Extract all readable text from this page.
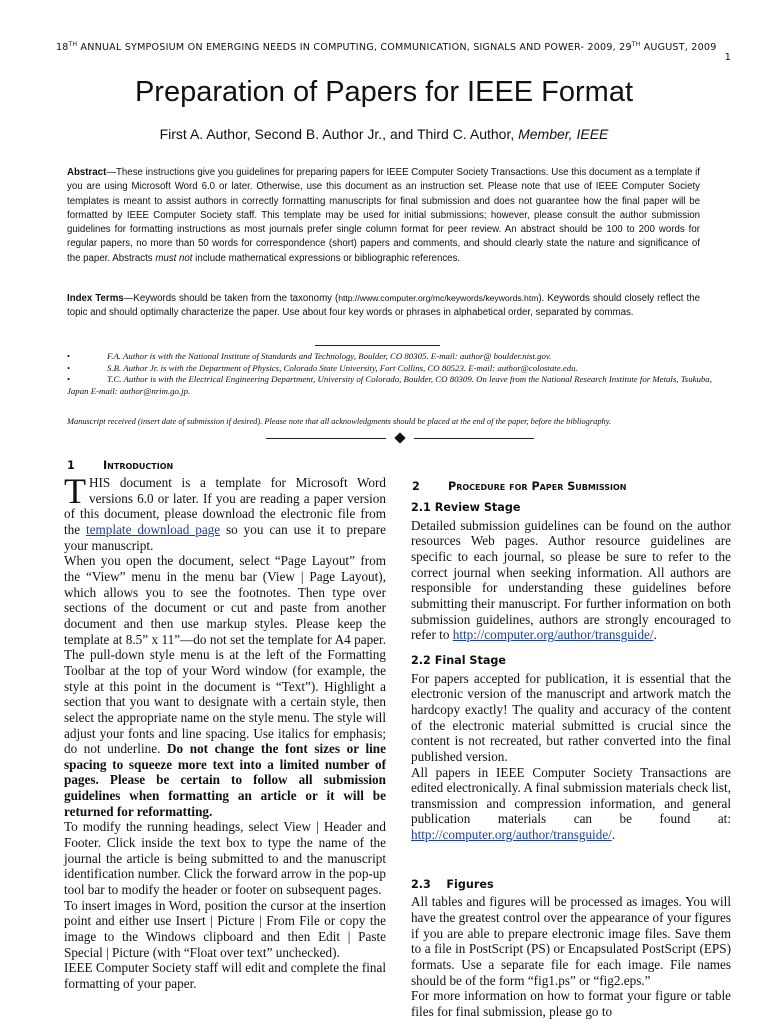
18TH ANNUAL SYMPOSIUM ON EMERGING NEEDS IN COMPUTING, COMMUNICATION, SIGNALS AND POWER- 2009, 29TH AUGUST, 2009
1
Preparation of Papers for IEEE Format
First A. Author, Second B. Author Jr., and Third C. Author, Member, IEEE
Abstract—These instructions give you guidelines for preparing papers for IEEE Computer Society Transactions. Use this document as a template if you are using Microsoft Word 6.0 or later. Otherwise, use this document as an instruction set. Please note that use of IEEE Computer Society templates is meant to assist authors in correctly formatting manuscripts for final submission and does not guarantee how the final paper will be formatted by IEEE Computer Society staff. This template may be used for initial submissions; however, please consult the author submission guidelines for formatting instructions as most journals prefer single column format for peer review. An abstract should be 100 to 200 words for regular papers, no more than 50 words for correspondence (short) papers and comments, and should clearly state the nature and significance of the paper. Abstracts must not include mathematical expressions or bibliographic references.
Index Terms—Keywords should be taken from the taxonomy (http://www.computer.org/mc/keywords/keywords.htm). Keywords should closely reflect the topic and should optimally characterize the paper. Use about four key words or phrases in alphabetical order, separated by commas.
•	F.A. Author is with the National Institute of Standards and Technology, Boulder, CO 80305. E-mail: author@ boulder.nist.gov.
•	S.B. Author Jr. is with the Department of Physics, Colorado State University, Fort Collins, CO 80523. E-mail: author@colostate.edu.
•	T.C. Author is with the Electrical Engineering Department, University of Colorado, Boulder, CO 80309. On leave from the National Research Institute for Metals, Tsukuba, Japan E-mail: author@nrim.go.jp.
Manuscript received (insert date of submission if desired). Please note that all acknowledgments should be placed at the end of the paper, before the bibliography.
1	Introduction

THIS document is a template for Microsoft Word versions 6.0 or later. If you are reading a paper version of this document, please download the electronic file from the template download page so you can use it to prepare your manuscript.

When you open the document, select “Page Layout” from the “View” menu in the menu bar (View | Page Layout), which allows you to see the footnotes. Then type over sections of the document or cut and paste from another document and then use markup styles. Please keep the template at 8.5” x 11”—do not set the template for A4 paper. The pull-down style menu is at the left of the Formatting Toolbar at the top of your Word window (for example, the style at this point in the document is “Text”). Highlight a section that you want to designate with a certain style, then select the appropriate name on the style menu. The style will adjust your fonts and line spacing. Use italics for emphasis; do not underline. Do not change the font sizes or line spacing to squeeze more text into a limited number of pages. Please be certain to follow all submission guidelines when formatting an article or it will be returned for reformatting.

To modify the running headings, select View | Header and Footer. Click inside the text box to type the name of the journal the article is being submitted to and the manuscript identification number. Click the forward arrow in the pop-up tool bar to modify the header or footer on subsequent pages.

To insert images in Word, position the cursor at the insertion point and either use Insert | Picture | From File or copy the image to the Windows clipboard and then Edit | Paste Special | Picture (with “Float over text” unchecked).

IEEE Computer Society staff will edit and complete the final formatting of your paper.

2	Procedure for Paper Submission
2.1 Review Stage

Detailed submission guidelines can be found on the author resources Web pages. Author resource guidelines are specific to each journal, so please be sure to refer to the correct journal when seeking information. All authors are responsible for understanding these guidelines before submitting their manuscript. For further information on both submission guidelines, authors are strongly encouraged to refer to http://computer.org/author/transguide/.

2.2 Final Stage

For papers accepted for publication, it is essential that the electronic version of the manuscript and artwork match the hardcopy exactly! The quality and accuracy of the content of the electronic material submitted is crucial since the content is not recreated, but rather converted into the final published version.

All papers in IEEE Computer Society Transactions are edited electronically. A final submission materials check list, transmission and compression information, and general publication materials can be found at: http://computer.org/author/transguide/.

2.3    Figures

All tables and figures will be processed as images. You will have the greatest control over the appearance of your figures if you are able to prepare electronic image files. Save them to a file in PostScript (PS) or Encapsulated PostScript (EPS) formats. Use a separate file for each image. File names should be of the form “fig1.ps” or “fig2.eps.”

For more information on how to format your figure or table files for final submission, please go to
